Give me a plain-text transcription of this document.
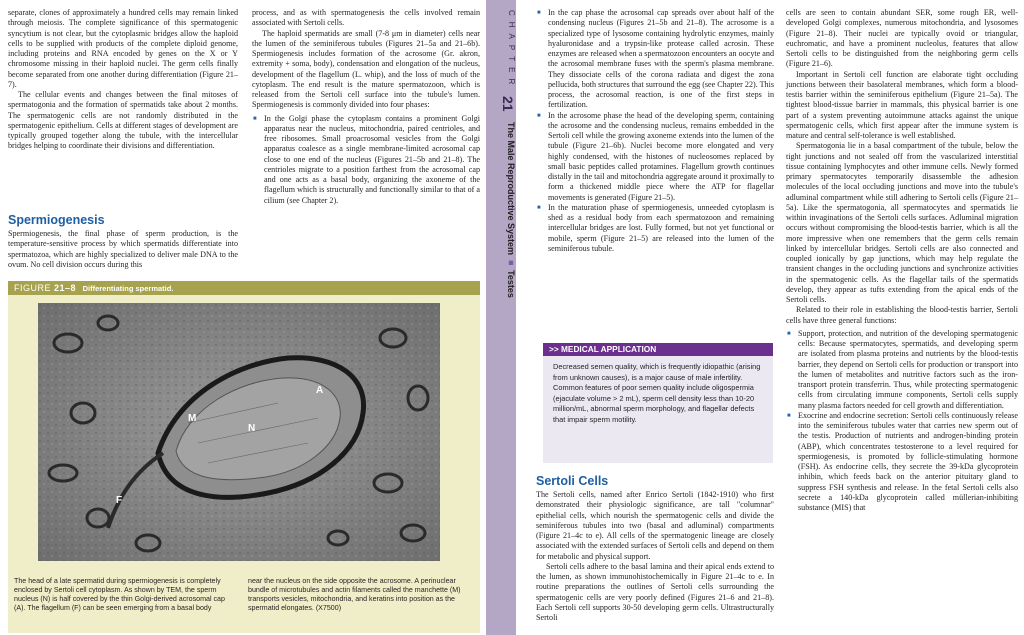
separate, clones of approximately a hundred cells may remain linked through meiosis. The complete significance of this spermatogenic syncytium is not clear, but the cytoplasmic bridges allow the haploid cells to be supplied with products of the complete diploid genome, including proteins and RNA encoded by genes on the X or Y chromosome missing in their haploid nuclei. The germ cells finally become separated from one another during differentiation (Figure 21–7).

The cellular events and changes between the final mitoses of spermatogonia and the formation of spermatids take about 2 months. The spermatogenic cells are not randomly distributed in the spermatogenic epithelium. Cells at different stages of development are typically grouped together along the tubule, with the intercellular bridges helping to coordinate their divisions and differentiation.

Spermiogenesis

Spermiogenesis, the final phase of sperm production, is the temperature-sensitive process by which spermatids differentiate into spermatozoa, which are highly specialized to deliver male DNA to the ovum. No cell division occurs during this

process, and as with spermatogenesis the cells involved remain associated with Sertoli cells.

The haploid spermatids are small (7-8 μm in diameter) cells near the lumen of the seminiferous tubules (Figures 21–5a and 21–6b). Spermiogenesis includes formation of the acrosome (Gr. akron, extremity + soma, body), condensation and elongation of the nucleus, development of the flagellum (L. whip), and the loss of much of the cytoplasm. The end result is the mature spermatozoon, which is released from the Sertoli cell surface into the tubule's lumen. Spermiogenesis is commonly divided into four phases:

■ In the Golgi phase the cytoplasm contains a prominent Golgi apparatus near the nucleus, mitochondria, paired centrioles, and free ribosomes. Small proacrosomal vesicles from the Golgi apparatus coalesce as a single membrane-limited acrosomal cap close to one end of the nucleus (Figures 21–5b and 21–8). The centrioles migrate to a position farthest from the acrosomal cap and one acts as a basal body, organizing the axoneme of the flagellum which is structurally and functionally similar to that of a cilium (see Chapter 2).
CHAPTER
21
The Male Reproductive System ■ Testes
FIGURE 21–8 Differentiating spermatid.
A
M
N
F
The head of a late spermatid during spermiogenesis is completely enclosed by Sertoli cell cytoplasm. As shown by TEM, the sperm nucleus (N) is half covered by the thin Golgi-derived acrosomal cap (A). The flagellum (F) can be seen emerging from a basal body
near the nucleus on the side opposite the acrosome. A perinuclear bundle of microtubules and actin filaments called the manchette (M) transports vesicles, mitochondria, and keratins into position as the spermatid elongates. (X7500)
■ In the cap phase the acrosomal cap spreads over about half of the condensing nucleus (Figures 21–5b and 21–8). The acrosome is a specialized type of lysosome containing hydrolytic enzymes, mainly hyaluronidase and a trypsin-like protease called acrosin. These enzymes are released when a spermatozoon encounters an oocyte and the acrosomal membrane fuses with the sperm's plasma membrane. They dissociate cells of the corona radiata and digest the zona pellucida, both structures that surround the egg (see Chapter 22). This process, the acrosomal reaction, is one of the first steps in fertilization.
■ In the acrosome phase the head of the developing sperm, containing the acrosome and the condensing nucleus, remains embedded in the Sertoli cell while the growing axoneme extends into the lumen of the tubule (Figure 21–6b). Nuclei become more elongated and very highly condensed, with the histones of nucleosomes replaced by small basic peptides called protamines. Flagellum growth continues distally in the tail and mitochondria aggregate around it proximally to form a thickened middle piece where the ATP for flagellar movements is generated (Figure 21–5).
■ In the maturation phase of spermiogenesis, unneeded cytoplasm is shed as a residual body from each spermatozoon and remaining intercellular bridges are lost. Fully formed, but not yet functional or mobile, sperm (Figure 21–5) are released into the lumen of the seminiferous tubule.
>> MEDICAL APPLICATION
Decreased semen quality, which is frequently idiopathic (arising from unknown causes), is a major cause of male infertility. Common features of poor semen quality include oligospermia (ejaculate volume > 2 mL), sperm cell density less than 10-20 million/mL, abnormal sperm morphology, and flagellar defects that impair sperm motility.
Sertoli Cells

The Sertoli cells, named after Enrico Sertoli (1842-1910) who first demonstrated their physiologic significance, are tall "columnar" epithelial cells, which nourish the spermatogenic cells and divide the seminiferous tubules into two (basal and adluminal) compartments (Figure 21–4c to e). All cells of the spermatogenic lineage are closely associated with the extended surfaces of Sertoli cells and depend on them for metabolic and physical support.

Sertoli cells adhere to the basal lamina and their apical ends extend to the lumen, as shown immunohistochemically in Figure 21–4c to e. In routine preparations the outlines of Sertoli cells surrounding the spermatogenic cells are very poorly defined (Figures 21–6 and 21–8). Each Sertoli cell supports 30-50 developing germ cells. Ultrastructurally Sertoli

cells are seen to contain abundant SER, some rough ER, well-developed Golgi complexes, numerous mitochondria, and lysosomes (Figure 21–8). Their nuclei are typically ovoid or triangular, euchromatic, and have a prominent nucleolus, features that allow Sertoli cells to be distinguished from the neighboring germ cells (Figure 21–6).

Important in Sertoli cell function are elaborate tight occluding junctions between their basolateral membranes, which form a blood-testis barrier within the seminiferous epithelium (Figure 21–5a). The tightest blood-tissue barrier in mammals, this physical barrier is one part of a system preventing autoimmune attacks against the unique spermatogenic cells, which first appear after the immune system is mature and central self-tolerance is well established.

Spermatogonia lie in a basal compartment of the tubule, below the tight junctions and not sealed off from the vascularized interstitial tissue containing lymphocytes and other immune cells. Newly formed primary spermatocytes temporarily disassemble the adhesion molecules of the local occluding junctions and move into the tubule's adluminal compartment while still adhering to Sertoli cells (Figure 21–5a). Like the spermatogonia, all spermatocytes and spermatids lie within invaginations of the Sertoli cells surfaces. Adluminal migration occurs without compromising the blood-testis barrier, which is all the more impressive when one remembers that the germ cells remain linked by intercellular bridges. Sertoli cells are also connected and coupled ionically by gap junctions, which may help regulate the transient changes in the occluding junctions and synchronize activities in the spermatogenic cells. As the flagellar tails of the spermatids develop, they appear as tufts extending from the apical ends of the Sertoli cells.

Related to their role in establishing the blood-testis barrier, Sertoli cells have three general functions:

■ Support, protection, and nutrition of the developing spermatogenic cells: Because spermatocytes, spermatids, and developing sperm are isolated from plasma proteins and nutrients by the blood-testis barrier, they depend on Sertoli cells for production or transport into the lumen of metabolites and nutritive factors such as the iron-transport protein transferrin. Thus, while protecting spermatogenic cells from circulating immune components, Sertoli cells supply many plasma factors needed for cell growth and differentiation.
■ Exocrine and endocrine secretion: Sertoli cells continuously release into the seminiferous tubules water that carries new sperm out of the testis. Production of nutrients and androgen-binding protein (ABP), which concentrates testosterone to a level required for spermiogenesis, is promoted by follicle-stimulating hormone (FSH). As endocrine cells, they secrete the 39-kDa glycoprotein inhibin, which feeds back on the anterior pituitary gland to suppress FSH synthesis and release. In the fetal Sertoli cells also secrete a 140-kDa glycoprotein called müllerian-inhibiting substance (MIS) that
